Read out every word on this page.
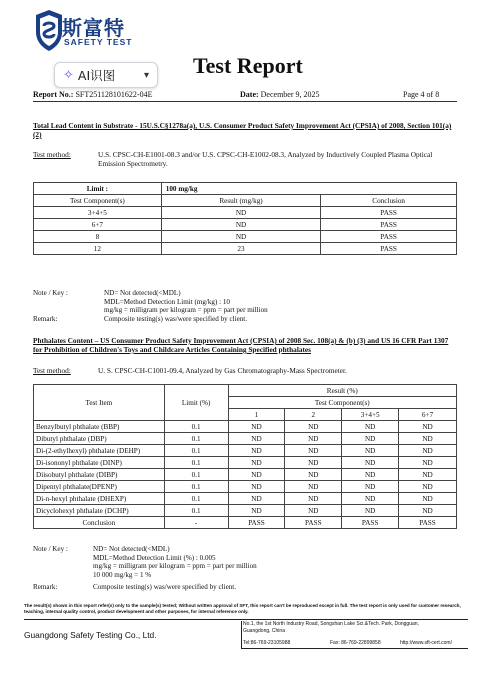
斯富特
SAFETY TEST
✧ AI识图	▾ Test Report
Report No.: SFT251128101622-04E	Date: December 9, 2025	Page 4 of 8
Total Lead Content in Substrate - 15U.S.C§1278a(a), U.S. Consumer Product Safety Improvement Act (CPSIA) of 2008, Section 101(a)(2)
Test method:	U.S. CPSC-CH-E1001-08.3 and/or U.S. CPSC-CH-E1002-08.3, Analyzed by Inductively Coupled Plasma Optical Emission Spectrometry.
Limit :	100 mg/kg	
Test Component(s)	Result (mg/kg)	Conclusion
3+4+5	ND	PASS
6+7	ND	PASS
8	ND	PASS
12	23	PASS
Note / Key :	ND= Not detected(<MDL)
MDL=Method Detection Limit (mg/kg) : 10
mg/kg = milligram per kilogram = ppm = part per million
Remark:	Composite testing(s) was/were specified by client.
Phthalates Content – US Consumer Product Safety Improvement Act (CPSIA) of 2008 Sec. 108(a) & (b) (3) and US 16 CFR Part 1307 for Prohibition of Children's Toys and Childcare Articles Containing Specified phthalates
Test method:	U. S. CPSC-CH-C1001-09.4, Analyzed by Gas Chromatography-Mass Spectrometer.
Test Item	Limit (%)	Result (%)			
		Test Component(s)			
		1	2	3+4+5	6+7
Benzylbutyl phthalate (BBP)	0.1	ND	ND	ND	ND
Dibutyl phthalate (DBP)	0.1	ND	ND	ND	ND
Di-(2-ethylhexyl) phthalate (DEHP)	0.1	ND	ND	ND	ND
Di-isononyl phthalate (DINP)	0.1	ND	ND	ND	ND
Diisobutyl phthalate (DIBP)	0.1	ND	ND	ND	ND
Dipentyl phthalate(DPENP)	0.1	ND	ND	ND	ND
Di-n-hexyl phthalate (DHEXP)	0.1	ND	ND	ND	ND
Dicyclohexyl phthalate (DCHP)	0.1	ND	ND	ND	ND
Conclusion	-	PASS	PASS	PASS	PASS
Note / Key :	ND= Not detected(<MDL)
MDL=Method Detection Limit (%) : 0.005
mg/kg = milligram per kilogram = ppm = part per million
10 000 mg/kg = 1 %
Remark:	Composite testing(s) was/were specified by client.
The result(s) shown in this report refer(s) only to the sample(s) tested; Without written approval of SFT, this report can't be reproduced except in full. The test report is only used for customer research, teaching, internal quality control, product development and other purposes, for internal reference only.
Guangdong Safety Testing Co., Ltd.
No.1, the 1st North Industry Road, Songshan Lake Sci.&Tech. Park, Dongguan,
Guangdong, China
Tel:86-769-23105988	Fax: 86-769-22899858	http://www.sft-cert.com/
